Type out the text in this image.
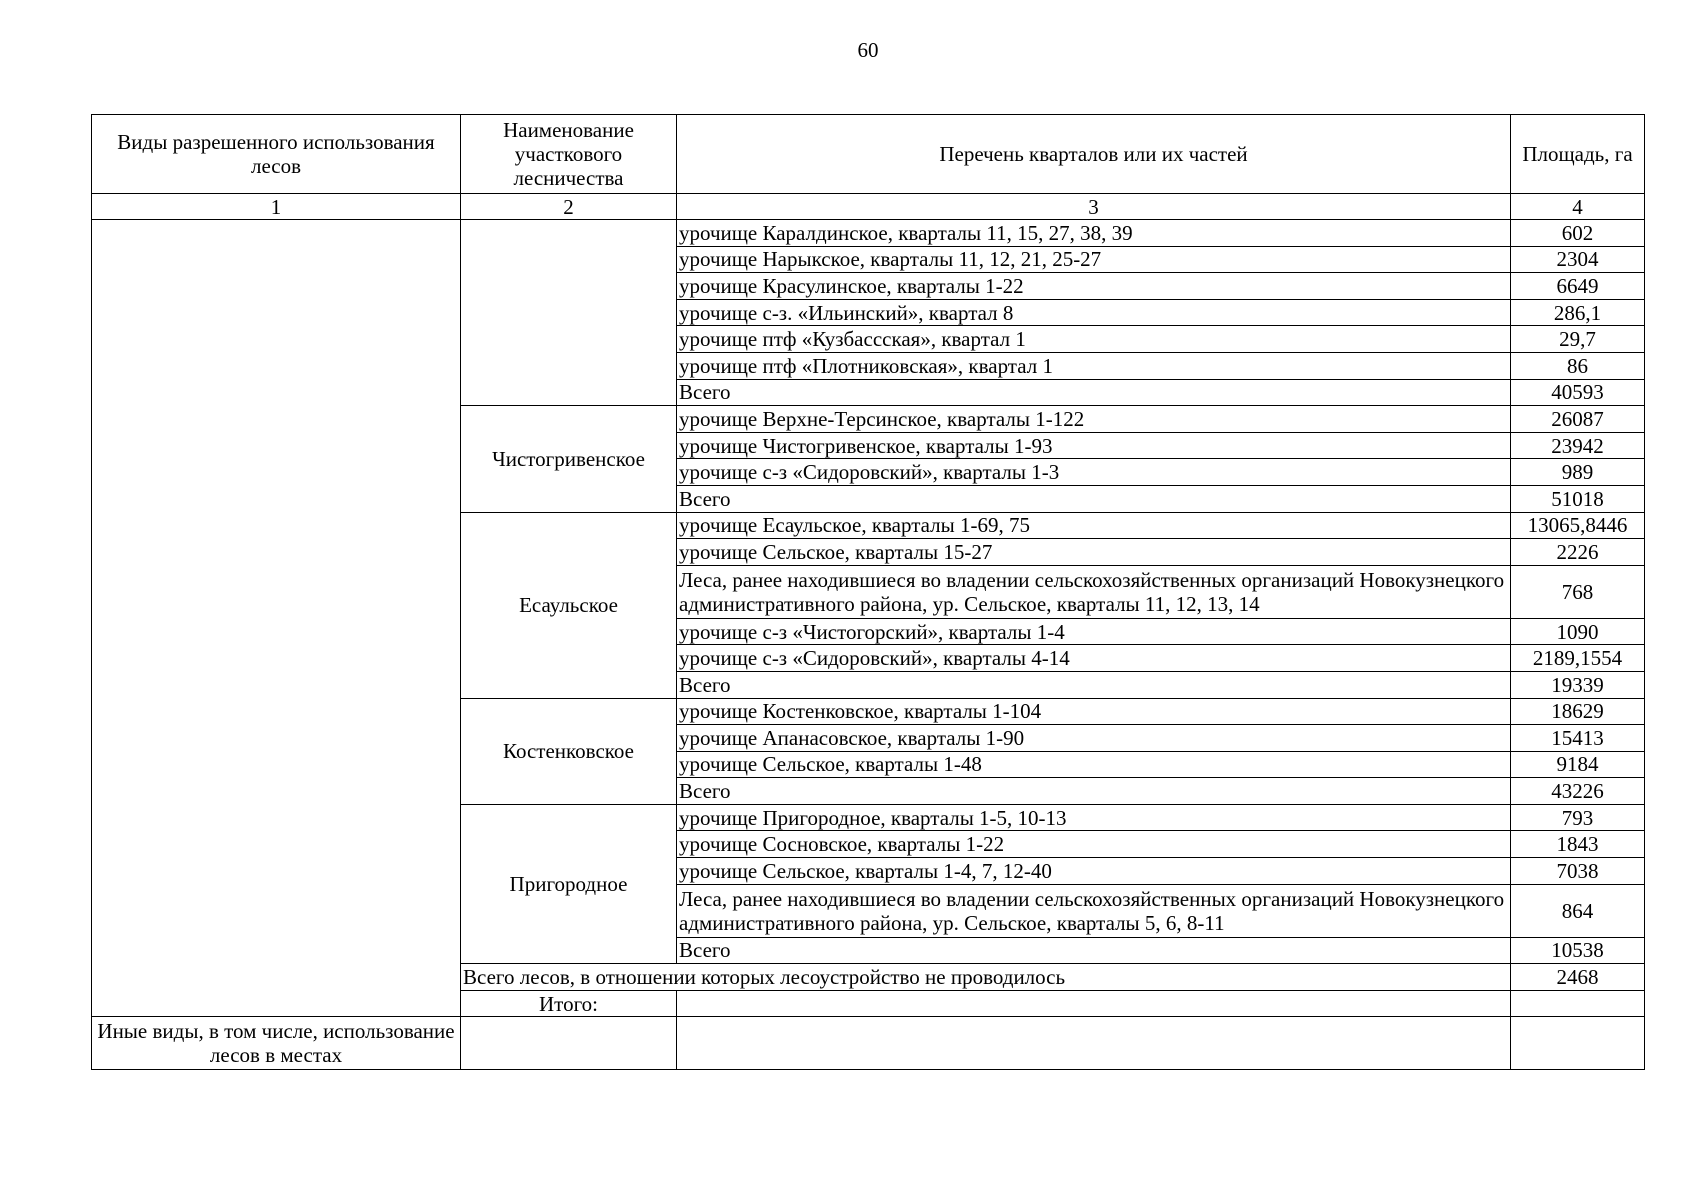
60
Виды разрешенного использования лесов	Наименование участкового лесничества	Перечень кварталов или их частей	Площадь, га	
1	2	3	4	
		урочище Каралдинское, кварталы 11, 15, 27, 38, 39	602	
		урочище Нарыкское, кварталы 11, 12, 21, 25-27	2304	
		урочище Красулинское, кварталы 1-22	6649	
		урочище с-з. «Ильинский», квартал 8	286,1	
		урочище птф «Кузбассская», квартал 1	29,7	
		урочище птф «Плотниковская», квартал 1	86	
		Всего	40593	
	Чистогривенское	урочище Верхне-Терсинское, кварталы 1-122	26087	
		урочище Чистогривенское, кварталы 1-93	23942	
		урочище с-з «Сидоровский», кварталы 1-3	989	
		Всего	51018	
	Есаульское	урочище Есаульское, кварталы 1-69, 75	13065,8446	
		урочище Сельское, кварталы 15-27	2226	
		Леса, ранее находившиеся во владении сельскохозяйственных организаций Новокузнецкого административного района, ур. Сельское, кварталы 11, 12, 13, 14	768	
		урочище с-з «Чистогорский», кварталы 1-4	1090	
		урочище с-з «Сидоровский», кварталы 4-14	2189,1554	
		Всего	19339	
	Костенковское	урочище Костенковское, кварталы 1-104	18629	
		урочище Апанасовское, кварталы 1-90	15413	
		урочище Сельское, кварталы 1-48	9184	
		Всего	43226	
	Пригородное	урочище Пригородное, кварталы 1-5, 10-13	793	
		урочище Сосновское, кварталы 1-22	1843	
		урочище Сельское, кварталы 1-4, 7, 12-40	7038	
		Леса, ранее находившиеся во владении сельскохозяйственных организаций Новокузнецкого административного района, ур. Сельское, кварталы 5, 6, 8-11	864	
		Всего	10538	
	Всего лесов, в отношении которых лесоустройство не проводилось		2468	
	Итого:			
Иные виды, в том числе, использование лесов в местах				
